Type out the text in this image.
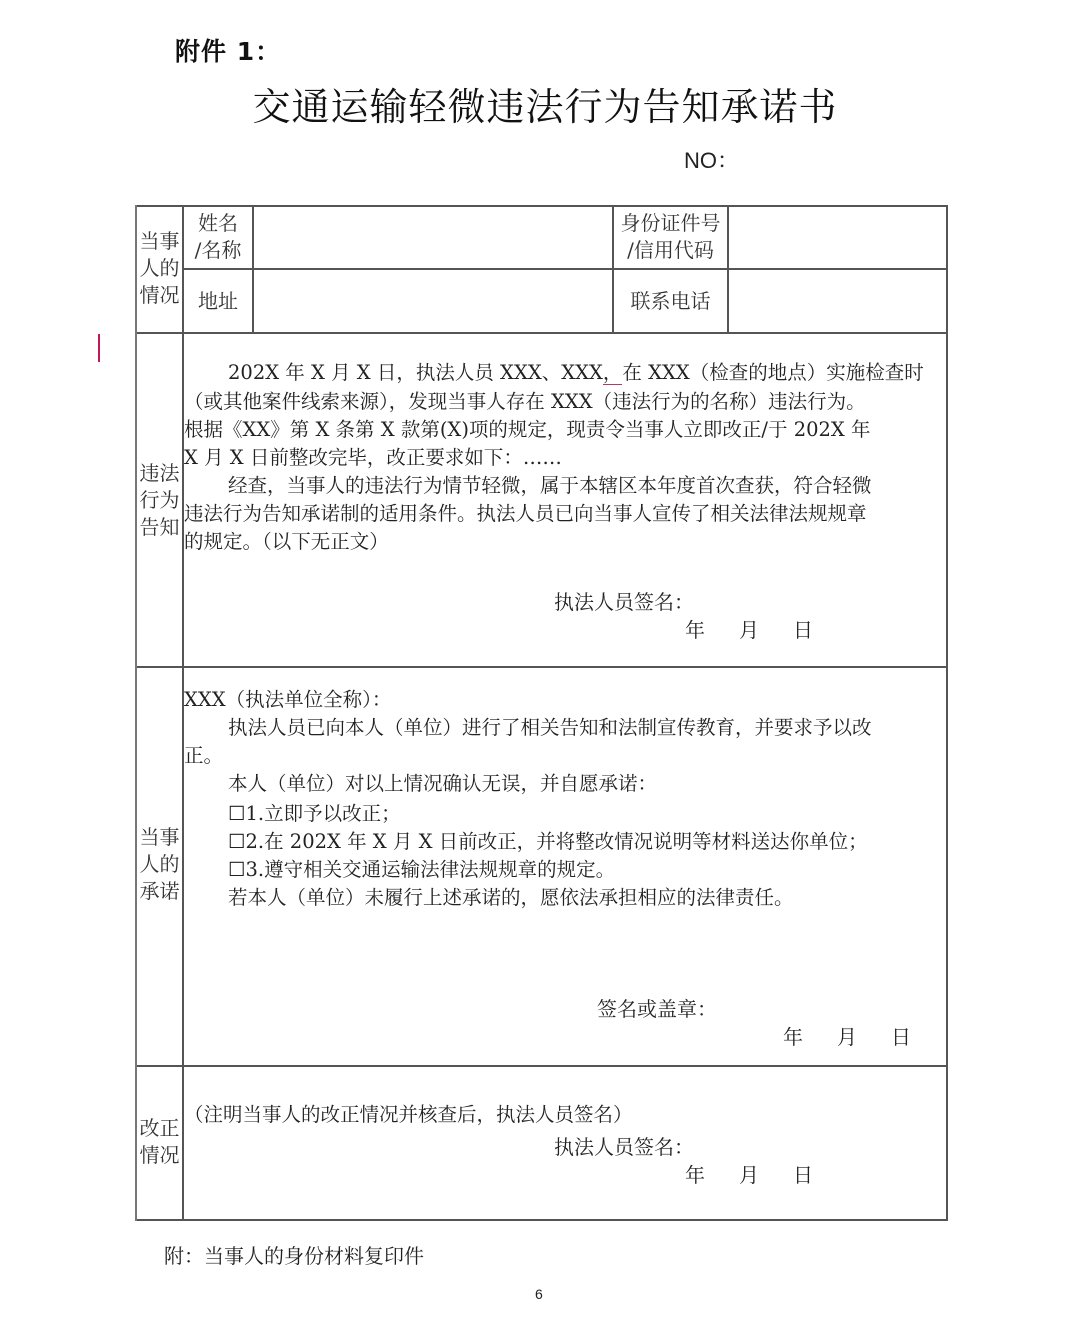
附件 1：
交通运输轻微违法行为告知承诺书
NO：
当事
人的
情况
姓名
/名称
身份证件号
/信用代码
地址	联系电话
违法
行为
告知
202X 年 X 月 X 日，执法人员 XXX、XXX，在 XXX（检查的地点）实施检查时
（或其他案件线索来源），发现当事人存在 XXX（违法行为的名称）违法行为。
根据《XX》第 X 条第 X 款第(X)项的规定，现责令当事人立即改正/于 202X 年
X 月 X 日前整改完毕，改正要求如下：……
经查，当事人的违法行为情节轻微，属于本辖区本年度首次查获，符合轻微
违法行为告知承诺制的适用条件。执法人员已向当事人宣传了相关法律法规规章
的规定。（以下无正文）
执法人员签名：
年 月 日
当事
人的
承诺
XXX（执法单位全称）：
执法人员已向本人（单位）进行了相关告知和法制宣传教育，并要求予以改
正。
本人（单位）对以上情况确认无误，并自愿承诺：
☐1.立即予以改正；
☐2.在 202X 年 X 月 X 日前改正，并将整改情况说明等材料送达你单位；
☐3.遵守相关交通运输法律法规规章的规定。
若本人（单位）未履行上述承诺的，愿依法承担相应的法律责任。
签名或盖章：
年 月 日
改正
情况
（注明当事人的改正情况并核查后，执法人员签名）
执法人员签名：
年 月 日
附：当事人的身份材料复印件
6
